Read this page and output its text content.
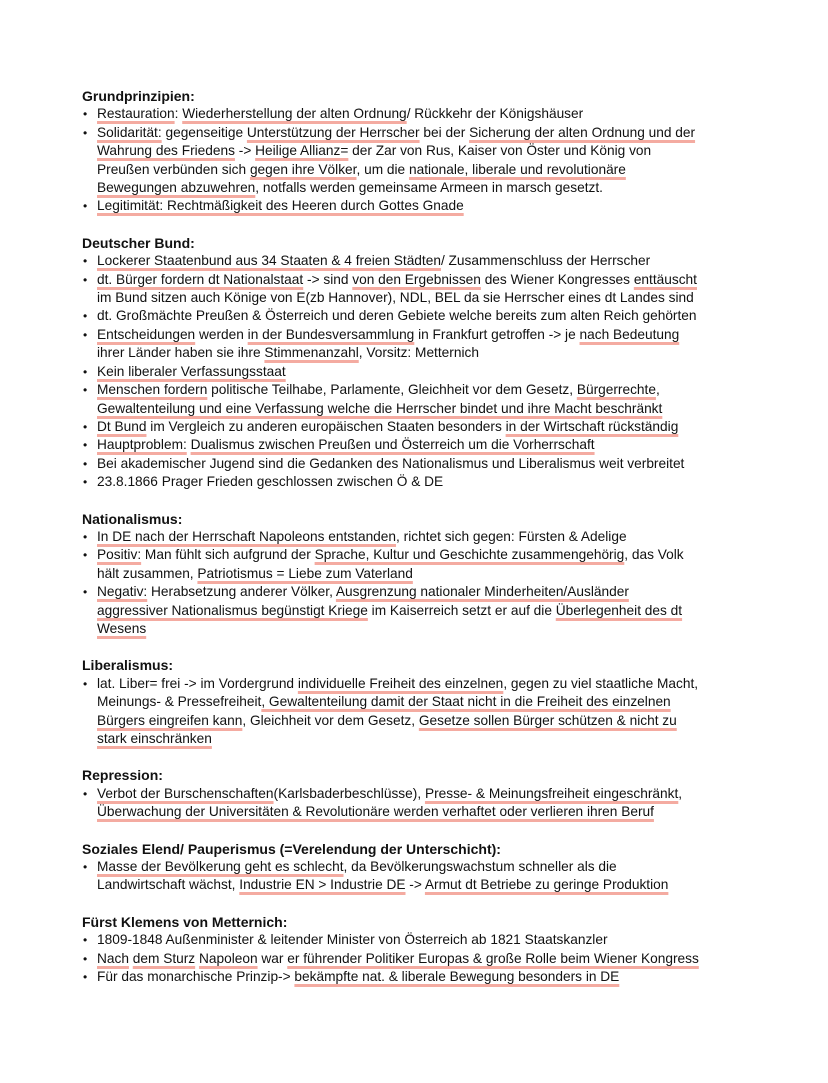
Grundprinzipien:
• Restauration: Wiederherstellung der alten Ordnung/ Rückkehr der Königshäuser
• Solidarität: gegenseitige Unterstützung der Herrscher bei der Sicherung der alten Ordnung und der
Wahrung des Friedens -> Heilige Allianz= der Zar von Rus, Kaiser von Öster und König von
Preußen verbünden sich gegen ihre Völker, um die nationale, liberale und revolutionäre
Bewegungen abzuwehren, notfalls werden gemeinsame Armeen in marsch gesetzt.
• Legitimität: Rechtmäßigkeit des Heeren durch Gottes Gnade
Deutscher Bund:
• Lockerer Staatenbund aus 34 Staaten & 4 freien Städten/ Zusammenschluss der Herrscher
• dt. Bürger fordern dt Nationalstaat -> sind von den Ergebnissen des Wiener Kongresses enttäuscht
im Bund sitzen auch Könige von E(zb Hannover), NDL, BEL da sie Herrscher eines dt Landes sind
• dt. Großmächte Preußen & Österreich und deren Gebiete welche bereits zum alten Reich gehörten
• Entscheidungen werden in der Bundesversammlung in Frankfurt getroffen -> je nach Bedeutung
ihrer Länder haben sie ihre Stimmenanzahl, Vorsitz: Metternich
• Kein liberaler Verfassungsstaat
• Menschen fordern politische Teilhabe, Parlamente, Gleichheit vor dem Gesetz, Bürgerrechte,
Gewaltenteilung und eine Verfassung welche die Herrscher bindet und ihre Macht beschränkt
• Dt Bund im Vergleich zu anderen europäischen Staaten besonders in der Wirtschaft rückständig
• Hauptproblem: Dualismus zwischen Preußen und Österreich um die Vorherrschaft
• Bei akademischer Jugend sind die Gedanken des Nationalismus und Liberalismus weit verbreitet
• 23.8.1866 Prager Frieden geschlossen zwischen Ö & DE
Nationalismus:
• In DE nach der Herrschaft Napoleons entstanden, richtet sich gegen: Fürsten & Adelige
• Positiv: Man fühlt sich aufgrund der Sprache, Kultur und Geschichte zusammengehörig, das Volk
hält zusammen, Patriotismus = Liebe zum Vaterland
• Negativ: Herabsetzung anderer Völker, Ausgrenzung nationaler Minderheiten/Ausländer
aggressiver Nationalismus begünstigt Kriege im Kaiserreich setzt er auf die Überlegenheit des dt
Wesens
Liberalismus:
• lat. Liber= frei -> im Vordergrund individuelle Freiheit des einzelnen, gegen zu viel staatliche Macht,
Meinungs- & Pressefreiheit, Gewaltenteilung damit der Staat nicht in die Freiheit des einzelnen
Bürgers eingreifen kann, Gleichheit vor dem Gesetz, Gesetze sollen Bürger schützen & nicht zu
stark einschränken
Repression:
• Verbot der Burschenschaften(Karlsbaderbeschlüsse), Presse- & Meinungsfreiheit eingeschränkt,
Überwachung der Universitäten & Revolutionäre werden verhaftet oder verlieren ihren Beruf
Soziales Elend/ Pauperismus (=Verelendung der Unterschicht):
• Masse der Bevölkerung geht es schlecht, da Bevölkerungswachstum schneller als die
Landwirtschaft wächst, Industrie EN > Industrie DE -> Armut dt Betriebe zu geringe Produktion
Fürst Klemens von Metternich:
• 1809-1848 Außenminister & leitender Minister von Österreich ab 1821 Staatskanzler
• Nach dem Sturz Napoleon war er führender Politiker Europas & große Rolle beim Wiener Kongress
• Für das monarchische Prinzip-> bekämpfte nat. & liberale Bewegung besonders in DE
